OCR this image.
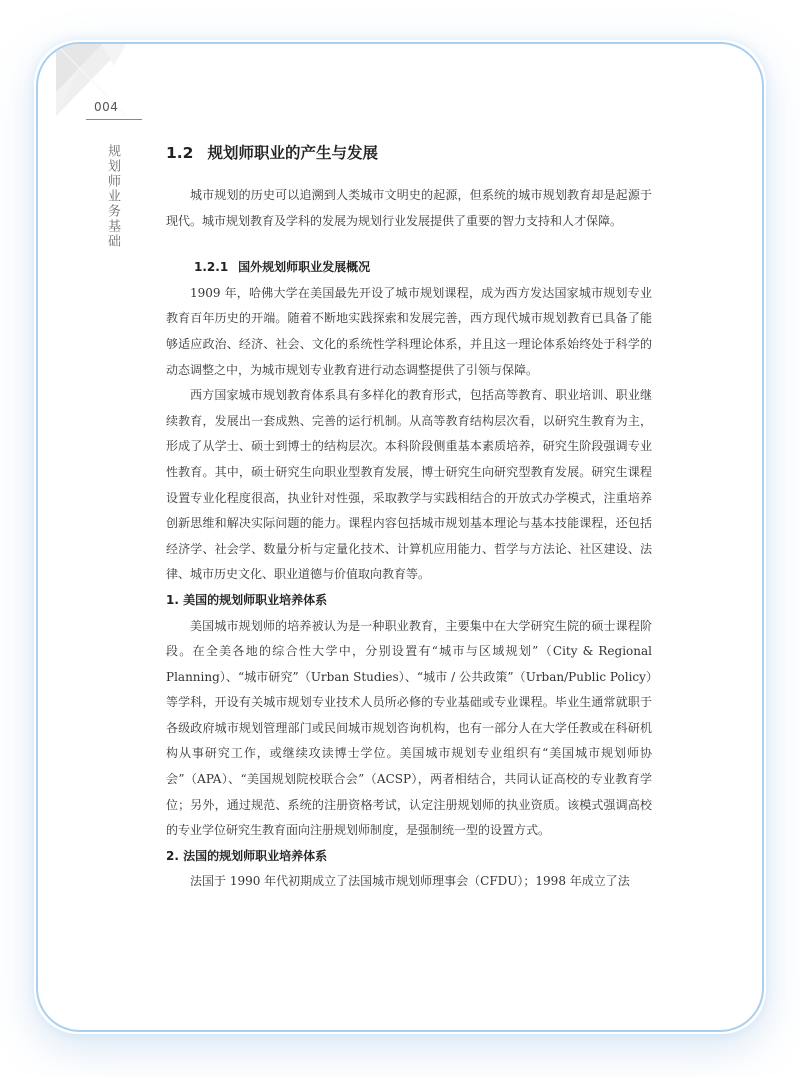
004
规划师业务基础	1.2 规划师职业的产生与发展

城市规划的历史可以追溯到人类城市文明史的起源，但系统的城市规划教育却是起源于现代。城市规划教育及学科的发展为规划行业发展提供了重要的智力支持和人才保障。

1.2.1 国外规划师职业发展概况

1909 年，哈佛大学在美国最先开设了城市规划课程，成为西方发达国家城市规划专业教育百年历史的开端。随着不断地实践探索和发展完善，西方现代城市规划教育已具备了能够适应政治、经济、社会、文化的系统性学科理论体系，并且这一理论体系始终处于科学的动态调整之中，为城市规划专业教育进行动态调整提供了引领与保障。

西方国家城市规划教育体系具有多样化的教育形式，包括高等教育、职业培训、职业继续教育，发展出一套成熟、完善的运行机制。从高等教育结构层次看，以研究生教育为主，形成了从学士、硕士到博士的结构层次。本科阶段侧重基本素质培养，研究生阶段强调专业性教育。其中，硕士研究生向职业型教育发展，博士研究生向研究型教育发展。研究生课程设置专业化程度很高，执业针对性强，采取教学与实践相结合的开放式办学模式，注重培养创新思维和解决实际问题的能力。课程内容包括城市规划基本理论与基本技能课程，还包括经济学、社会学、数量分析与定量化技术、计算机应用能力、哲学与方法论、社区建设、法律、城市历史文化、职业道德与价值取向教育等。

1. 美国的规划师职业培养体系

美国城市规划师的培养被认为是一种职业教育，主要集中在大学研究生院的硕士课程阶段。在全美各地的综合性大学中，分别设置有“城市与区域规划”（City & Regional Planning）、“城市研究”（Urban Studies）、“城市 / 公共政策”（Urban/Public Policy）等学科，开设有关城市规划专业技术人员所必修的专业基础或专业课程。毕业生通常就职于各级政府城市规划管理部门或民间城市规划咨询机构，也有一部分人在大学任教或在科研机构从事研究工作，或继续攻读博士学位。美国城市规划专业组织有“美国城市规划师协会”（APA）、“美国规划院校联合会”（ACSP），两者相结合，共同认证高校的专业教育学位；另外，通过规范、系统的注册资格考试，认定注册规划师的执业资质。该模式强调高校的专业学位研究生教育面向注册规划师制度，是强制统一型的设置方式。

2. 法国的规划师职业培养体系

法国于 1990 年代初期成立了法国城市规划师理事会（CFDU）；1998 年成立了法
